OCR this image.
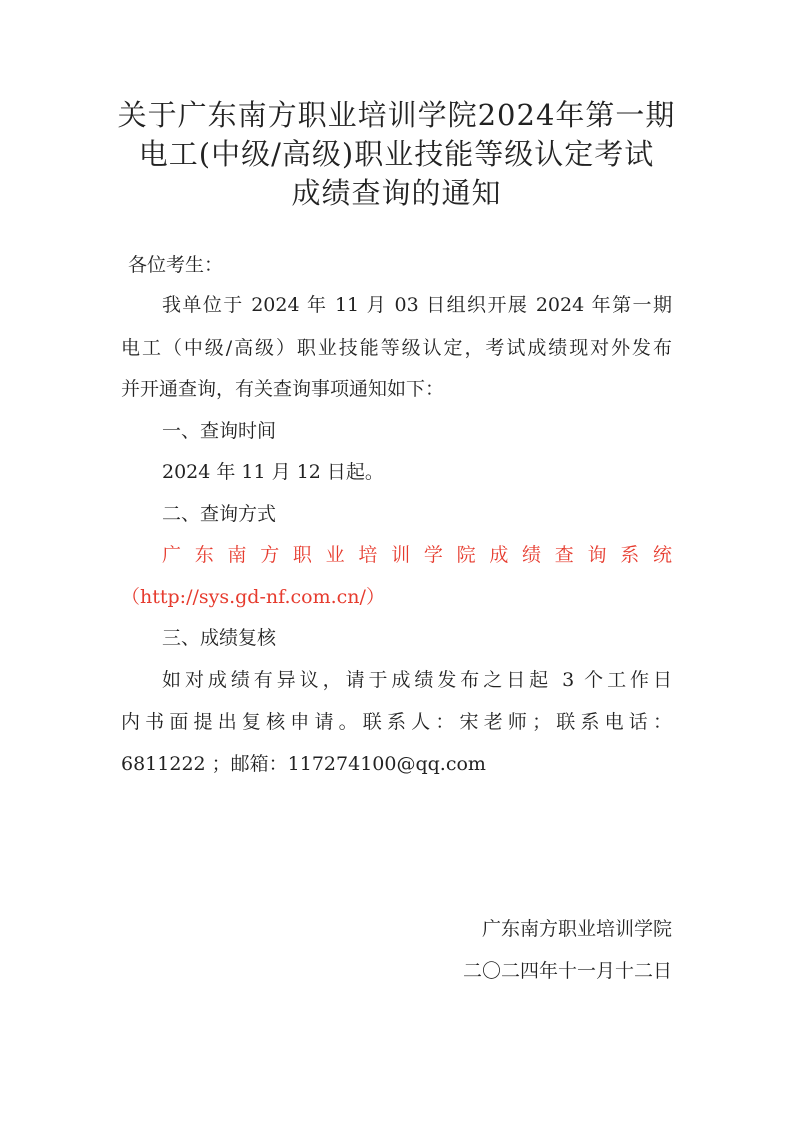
关于广东南方职业培训学院2024年第一期
电工(中级/高级)职业技能等级认定考试
成绩查询的通知
各位考生：
我单位于 2024 年 11 月 03 日组织开展 2024 年第一期
电工（中级/高级）职业技能等级认定，考试成绩现对外发布
并开通查询，有关查询事项通知如下：
一、查询时间
2024 年 11 月 12 日起。
二、查询方式
广东南方职业培训学院成绩查询系统
（http://sys.gd-nf.com.cn/）
三、成绩复核
如对成绩有异议，请于成绩发布之日起 3 个工作日
内书面提出复核申请。联系人：宋老师；联系电话：
6811222 ；邮箱：117274100@qq.com
广东南方职业培训学院
二〇二四年十一月十二日
